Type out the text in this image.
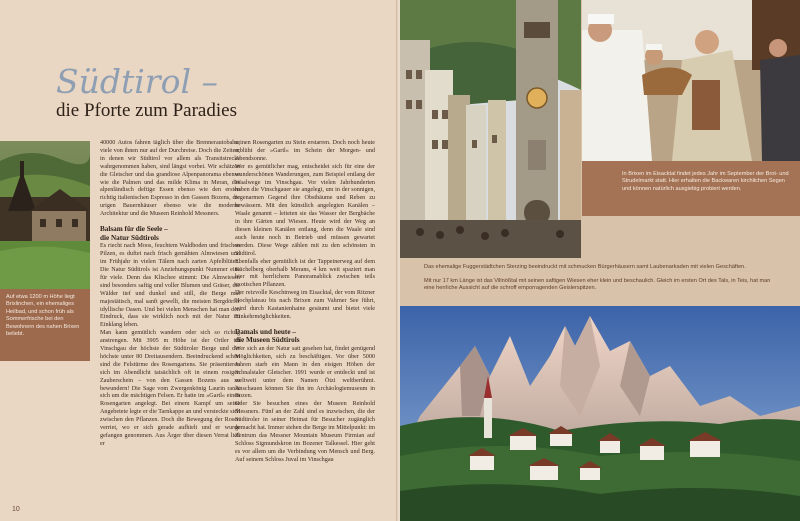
Südtirol –
die Pforte zum Paradies
Auf etwa 1200 m Höhe liegt Brixlinchen, ein ehemaliges Heilbad, und schon früh als Sommerfrische bei den Bewohnern des nahen Brixen beliebt.

40000 Autos fahren täglich über die Brennerautobahn, viele von ihnen nur auf der Durchreise. Doch die Zeiten, in denen wir Südtirol vor allem als Transitstrecke wahrgenommen haben, sind längst vorbei. Wir schätzen die Gletscher und das grandiose Alpenpanorama ebenso wie die Palmen und das milde Klima in Meran, das alpenländisch deftige Essen ebenso wie den ersten richtig italienischen Espresso in den Gassen Bozens, die urigen Bauernhäuser ebenso wie die moderne Architektur und die Museen Reinhold Messners.

Balsam für die Seele –
die Natur Südtirols

Es riecht nach Moos, feuchtem Waldboden und frischen Pilzen, es duftet nach frisch gemähten Almwiesen und im Frühjahr in vielen Tälern nach zarten Apfelblüten. Die Natur Südtirols ist Anziehungspunkt Nummer eins für viele. Denn das Klischee stimmt: Die Almwiesen sind besonders saftig und voller Blumen und Gräser, die Wälder tief und dunkel und still, die Berge mal majestätisch, mal sanft gewellt, die meisten Bergdörfer idyllische Oasen. Und bei vielen Menschen hat man den Eindruck, dass sie wirklich noch mit der Natur im Einklang leben.

Man kann gemütlich wandern oder sich so richtig anstrengen. Mit 3905 m Höhe ist der Ortler im Vinschgau der höchste der Südtiroler Berge und der höchste unter 80 Dreitausendern. Beeindruckend schön sind die Felstürme des Rosengartens. Sie präsentieren sich im Abendlicht tatsächlich oft in einem rosigen Zauberschein – von den Gassen Bozens aus zu bewundern! Die Sage vom Zwergenkönig Laurin rankt sich um die mächtigen Felsen. Er hatte im »Gartl« einen Rosengarten angelegt. Bei einem Kampf um seine Angebetete legte er die Tarnkappe an und versteckte sich zwischen den Pflanzen. Doch die Bewegung der Rosen verriet, wo er sich gerade aufhielt und er wurde gefangen genommen. Aus Ärger über diesen Verrat ließ er

seinen Rosengarten zu Stein erstarren. Doch noch heute erblüht der »Gartl« im Schein der Morgen- und Abendsonne.

Wer es gemütlicher mag, entscheidet sich für eine der wunderschönen Wanderungen, zum Beispiel entlang der Waalwege im Vinschgau. Vor vielen Jahrhunderten haben die Vinschgauer sie angelegt, um in der sonnigen, regenarmen Gegend ihre Obstbäume und Reben zu bewässern. Mit den künstlich angelegten Kanälen – Waale genannt – leiteten sie das Wasser der Bergbäche in ihre Gärten und Wiesen. Heute wird der Weg an diesen kleinen Kanälen entlang, denn die Waale sind auch heute noch in Betrieb und müssen gewartet werden. Diese Wege zählen mit zu den schönsten in Südtirol.

Ebenfalls eher gemütlich ist der Tappeinerweg auf dem Küchelberg oberhalb Merans, 4 km weit spaziert man hier mit herrlichem Panoramablick zwischen teils exotischen Pflanzen.

Der reizvolle Keschtnweg im Eisacktal, der vom Ritzner Hochplateau bis nach Brixen zum Vahrner See führt, wird durch Kastanienhaine gesäumt und bietet viele Einkehrmöglichkeiten.

Damals und heute –
die Museen Südtirols

Wer sich an der Natur satt gesehen hat, findet genügend Möglichkeiten, sich zu beschäftigen. Vor über 5000 Jahren starb ein Mann in den eisigen Höhen der Schnalstaler Gletscher. 1991 wurde er entdeckt und ist weltweit unter dem Namen Ötzi weltberühmt. Anschauen können Sie ihn im Archäologiemuseum in Bozen.

Oder Sie besuchen eines der Museen Reinhold Messners. Fünf an der Zahl sind es inzwischen, die der Südtiroler in seiner Heimat für Besucher zugänglich gemacht hat. Immer stehen die Berge im Mittelpunkt: im Zentrum das Messner Mountain Museum Firmian auf Schloss Sigmundskron im Bozener Talkessel. Hier geht es vor allem um die Verbindung von Mensch und Berg. Auf seinem Schloss Juval im Vinschgau

10
In Brixen im Eisacktal findet jedes Jahr im September der Brot- und Strudelmarkt statt. Hier erhalten die Backwaren kirchlichen Segen und können natürlich ausgiebig probiert werden.

Das ehemalige Fuggerstädtchen Sterzing beeindruckt mit schmucken Bürgerhäusern samt Laubenarkaden mit vielen Geschäften.

Mit nur 17 km Länge ist das Villnößtal mit seinen saftigen Wiesen eher klein und beschaulich. Gleich im ersten Ort des Tals, in Teis, hat man eine herrliche Aussicht auf die schroff emporragenden Geislerspitzen.
